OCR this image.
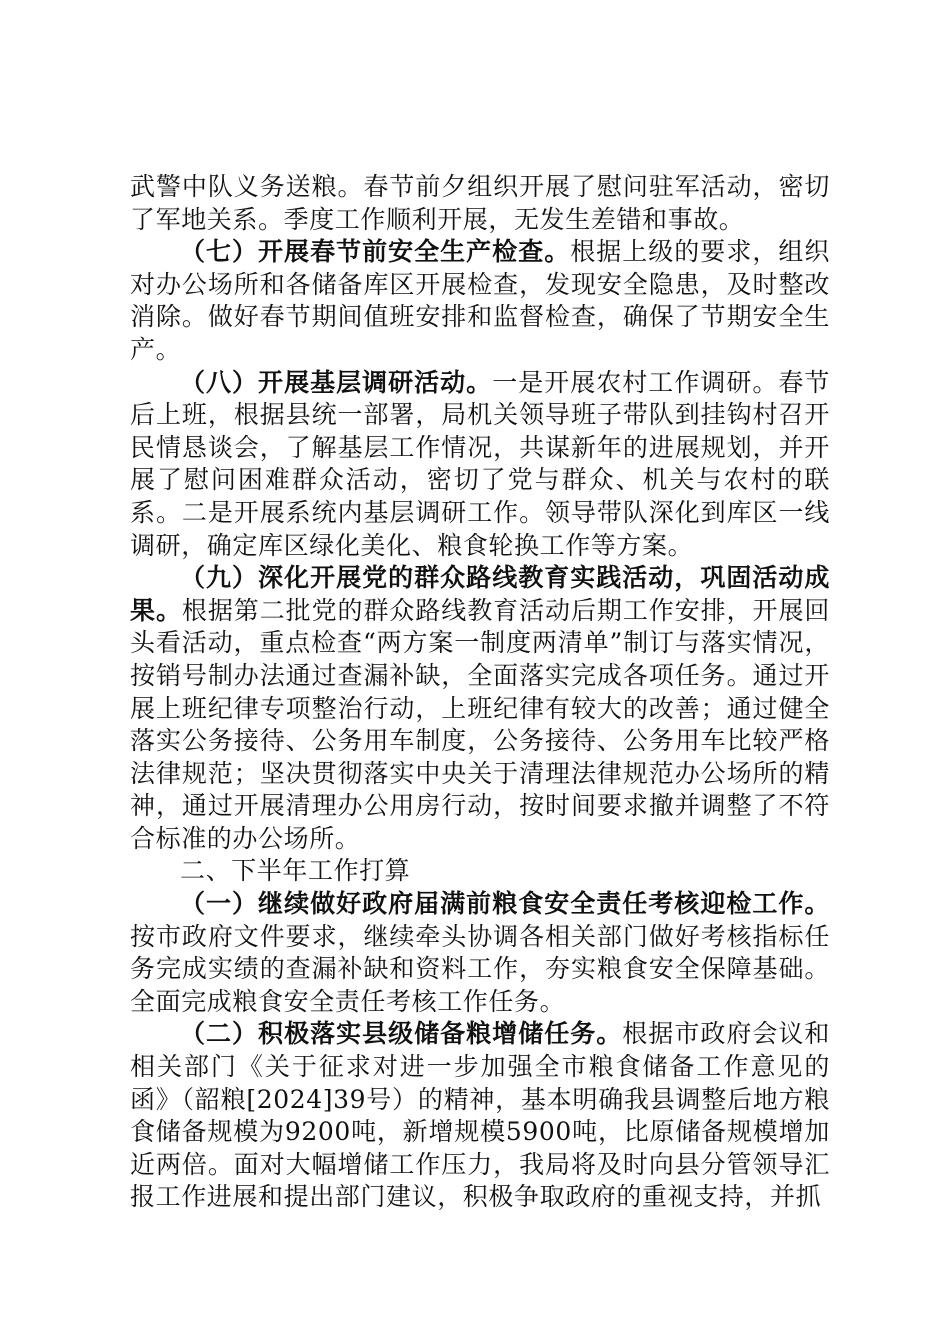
武警中队义务送粮。春节前夕组织开展了慰问驻军活动，密切了军地关系。季度工作顺利开展，无发生差错和事故。

（七）开展春节前安全生产检查。根据上级的要求，组织对办公场所和各储备库区开展检查，发现安全隐患，及时整改消除。做好春节期间值班安排和监督检查，确保了节期安全生产。

（八）开展基层调研活动。一是开展农村工作调研。春节后上班，根据县统一部署，局机关领导班子带队到挂钩村召开民情恳谈会，了解基层工作情况，共谋新年的进展规划，并开展了慰问困难群众活动，密切了党与群众、机关与农村的联系。二是开展系统内基层调研工作。领导带队深化到库区一线调研，确定库区绿化美化、粮食轮换工作等方案。

（九）深化开展党的群众路线教育实践活动，巩固活动成果。根据第二批党的群众路线教育活动后期工作安排，开展回头看活动，重点检查“两方案一制度两清单”制订与落实情况，按销号制办法通过查漏补缺，全面落实完成各项任务。通过开展上班纪律专项整治行动，上班纪律有较大的改善；通过健全落实公务接待、公务用车制度，公务接待、公务用车比较严格法律规范；坚决贯彻落实中央关于清理法律规范办公场所的精神，通过开展清理办公用房行动，按时间要求撤并调整了不符合标准的办公场所。

二、下半年工作打算

（一）继续做好政府届满前粮食安全责任考核迎检工作。按市政府文件要求，继续牵头协调各相关部门做好考核指标任务完成实绩的查漏补缺和资料工作，夯实粮食安全保障基础。全面完成粮食安全责任考核工作任务。

（二）积极落实县级储备粮增储任务。根据市政府会议和相关部门《关于征求对进一步加强全市粮食储备工作意见的函》（韶粮[2024]39号）的精神，基本明确我县调整后地方粮食储备规模为9200吨，新增规模5900吨，比原储备规模增加近两倍。面对大幅增储工作压力，我局将及时向县分管领导汇报工作进展和提出部门建议，积极争取政府的重视支持，并抓
